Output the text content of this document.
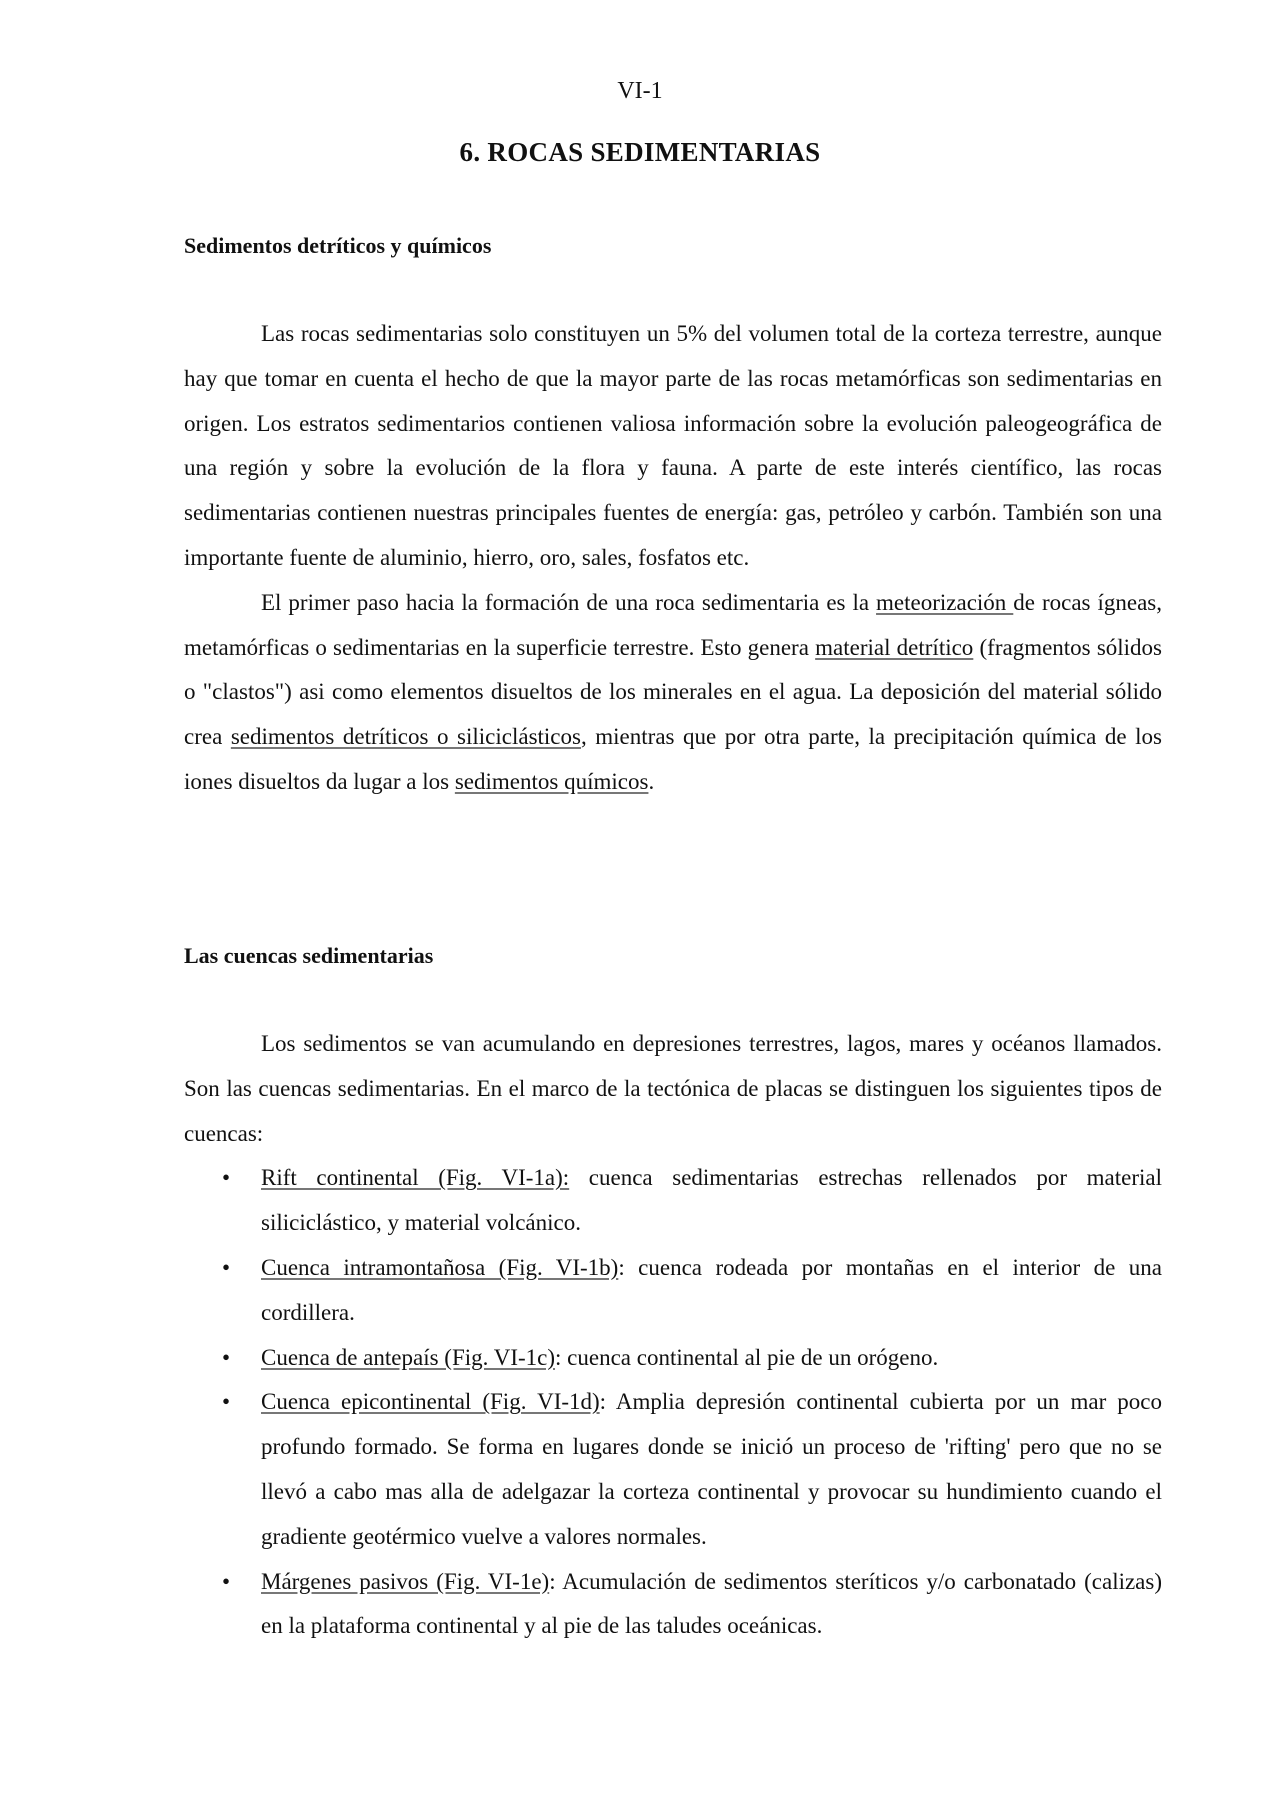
VI-1
6. ROCAS SEDIMENTARIAS
Sedimentos detríticos y químicos

Las rocas sedimentarias solo constituyen un 5% del volumen total de la corteza terrestre, aunque hay que tomar en cuenta el hecho de que la mayor parte de las rocas metamórficas son sedimentarias en origen. Los estratos sedimentarios contienen valiosa información sobre la evolución paleogeográfica de una región y sobre la evolución de la flora y fauna. A parte de este interés científico, las rocas sedimentarias contienen nuestras principales fuentes de energía: gas, petróleo y carbón. También son una importante fuente de aluminio, hierro, oro, sales, fosfatos etc.

El primer paso hacia la formación de una roca sedimentaria es la meteorización de rocas ígneas, metamórficas o sedimentarias en la superficie terrestre. Esto genera material detrítico (fragmentos sólidos o "clastos") asi como elementos disueltos de los minerales en el agua. La deposición del material sólido crea sedimentos detríticos o siliciclásticos, mientras que por otra parte, la precipitación química de los iones disueltos da lugar a los sedimentos químicos.

Las cuencas sedimentarias

Los sedimentos se van acumulando en depresiones terrestres, lagos, mares y océanos llamados. Son las cuencas sedimentarias. En el marco de la tectónica de placas se distinguen los siguientes tipos de cuencas:

• Rift continental (Fig. VI-1a): cuenca sedimentarias estrechas rellenados por material siliciclástico, y material volcánico.
• Cuenca intramontañosa (Fig. VI-1b): cuenca rodeada por montañas en el interior de una cordillera.
• Cuenca de antepaís (Fig. VI-1c): cuenca continental al pie de un orógeno.
• Cuenca epicontinental (Fig. VI-1d): Amplia depresión continental cubierta por un mar poco profundo formado. Se forma en lugares donde se inició un proceso de 'rifting' pero que no se llevó a cabo mas alla de adelgazar la corteza continental y provocar su hundimiento cuando el gradiente geotérmico vuelve a valores normales.
• Márgenes pasivos (Fig. VI-1e): Acumulación de sedimentos steríticos y/o carbonatado (calizas) en la plataforma continental y al pie de las taludes oceánicas.
